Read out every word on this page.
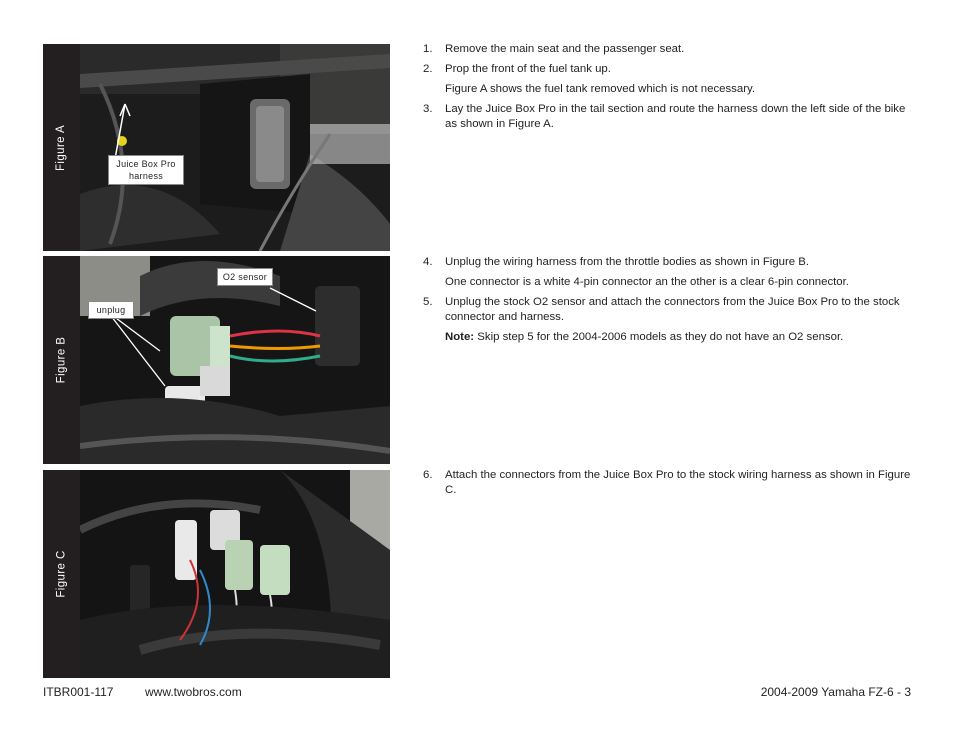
Figure A	Juice Box Pro
harness
Figure B
unplug
O2 sensor
Figure C
1.	Remove the main seat and the passenger seat.
2.	Prop the front of the fuel tank up.
Figure A shows the fuel tank removed which is not necessary.
3.	Lay the Juice Box Pro in the tail section and route the harness down the left side of the bike as shown in Figure A.
4.	Unplug the wiring harness from the throttle bodies as shown in Figure B.
One connector is a white 4-pin connector an the other is a clear 6-pin connector.
5.	Unplug the stock O2 sensor and attach the connectors from the Juice Box Pro to the stock connector and harness.
Note: Skip step 5 for the 2004-2006 models as they do not have an O2 sensor.
6.	Attach the connectors from the Juice Box Pro to the stock wiring harness as shown in Figure C.
ITBR001-117	www.twobros.com	2004-2009 Yamaha FZ-6 - 3
